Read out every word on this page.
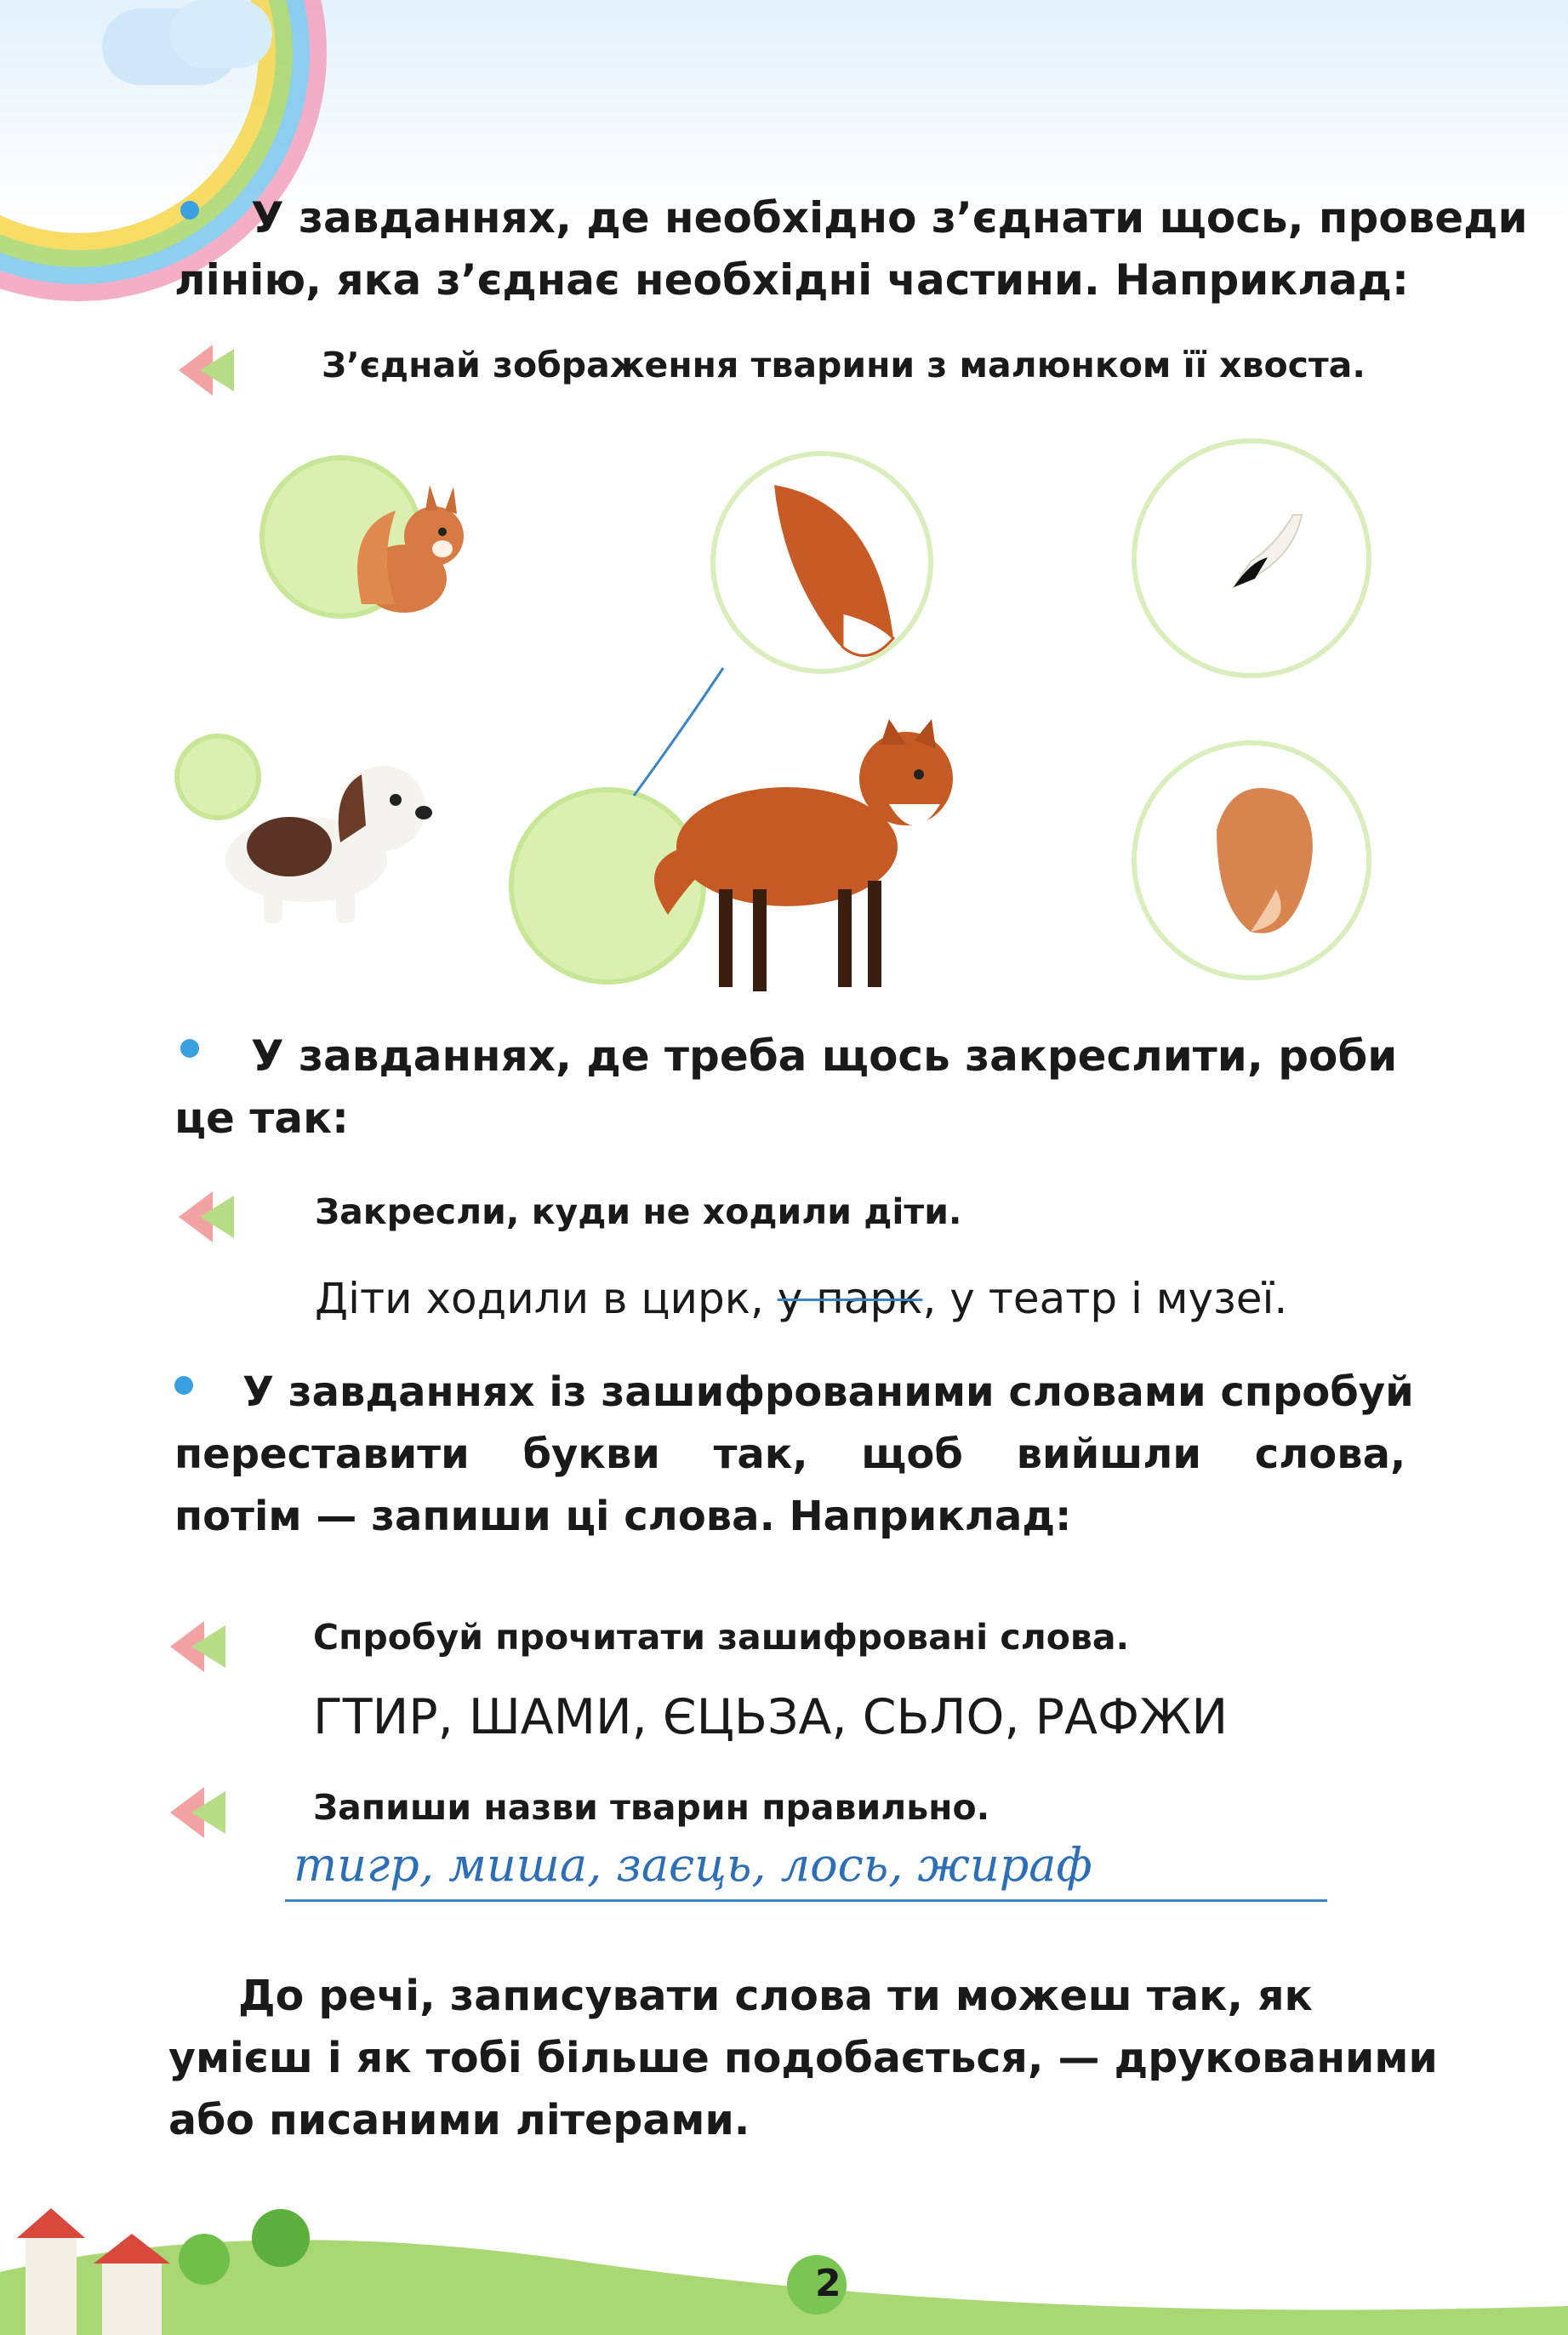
У завданнях, де необхідно з’єднати щось, проведи
лінію, яка з’єднає необхідні частини. Наприклад:
З’єднай зображення тварини з малюнком її хвоста.
У завданнях, де треба щось закреслити, роби
це так:
Закресли, куди не ходили діти.
Діти ходили в цирк, у парк, у театр і музеї.
У завданнях із зашифрованими словами спробуй
переставити букви так, щоб вийшли слова,
потім — запиши ці слова. Наприклад:
Спробуй прочитати зашифровані слова.
ГТИР, ШАМИ, ЄЦЬЗА, СЬЛО, РАФЖИ
Запиши назви тварин правильно.
тигр, миша, заєць, лось, жираф
До речі, записувати слова ти можеш так, як
умієш і як тобі більше подобається, — друкованими
або писаними літерами.
2
